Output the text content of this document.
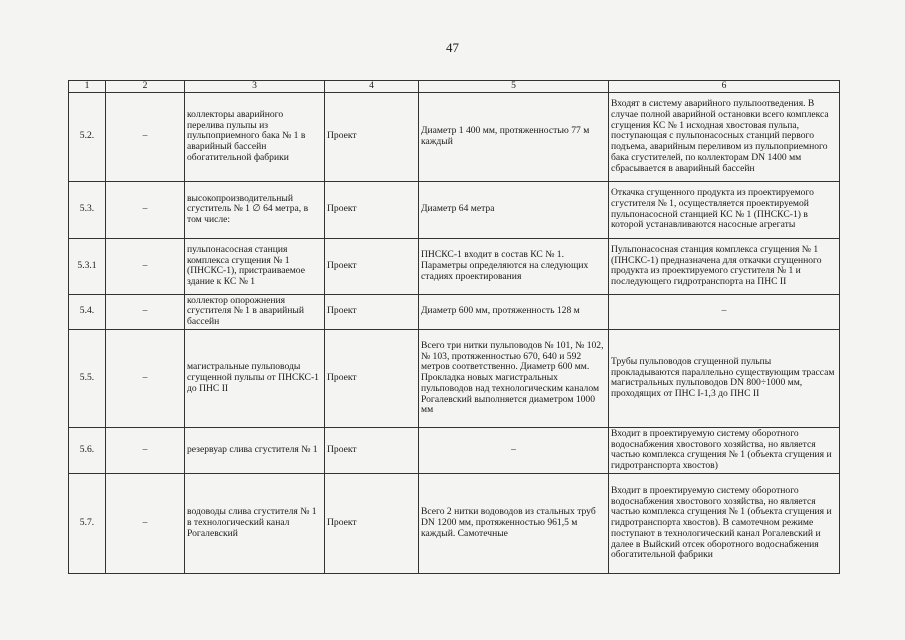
47
1	2	3	4	5	6
5.2.	–	коллекторы аварийного перелива пульпы из пульпоприемного бака № 1 в аварийный бассейн обогатительной фабрики	Проект	Диаметр 1 400 мм, протяженностью 77 м каждый	Входят в систему аварийного пульпоотведения. В случае полной аварийной остановки всего комплекса сгущения КС № 1 исходная хвостовая пульпа, поступающая с пульпонасосных станций первого подъема, аварийным переливом из пульпоприемного бака сгустителей, по коллекторам DN 1400 мм сбрасывается в аварийный бассейн
5.3.	–	высокопроизводительный сгуститель № 1 ∅ 64 метра, в том числе:	Проект	Диаметр 64 метра	Откачка сгущенного продукта из проектируемого сгустителя № 1, осуществляется проектируемой пульпонасосной станцией КС № 1 (ПНСКС-1) в которой устанавливаются насосные агрегаты
5.3.1	–	пульпонасосная станция комплекса сгущения № 1 (ПНСКС-1), пристраиваемое здание к КС № 1	Проект	ПНСКС-1 входит в состав КС № 1. Параметры определяются на следующих стадиях проектирования	Пульпонасосная станция комплекса сгущения № 1 (ПНСКС-1) предназначена для откачки сгущенного продукта из проектируемого сгустителя № 1 и последующего гидротранспорта на ПНС II
5.4.	–	коллектор опорожнения сгустителя № 1 в аварийный бассейн	Проект	Диаметр 600 мм, протяженность 128 м	–
5.5.	–	магистральные пульповоды сгущенной пульпы от ПНСКС-1 до ПНС II	Проект	Всего три нитки пульповодов № 101, № 102, № 103, протяженностью 670, 640 и 592 метров соответственно. Диаметр 600 мм. Прокладка новых магистральных пульповодов над технологическим каналом Рогалевский выполняется диаметром 1000 мм	Трубы пульповодов сгущенной пульпы прокладываются параллельно существующим трассам магистральных пульповодов DN 800÷1000 мм, проходящих от ПНС I-1,3 до ПНС II
5.6.	–	резервуар слива сгустителя № 1	Проект	–	Входит в проектируемую систему оборотного водоснабжения хвостового хозяйства, но является частью комплекса сгущения № 1 (объекта сгущения и гидротранспорта хвостов)
5.7.	–	водоводы слива сгустителя № 1 в технологический канал Рогалевский	Проект	Всего 2 нитки водоводов из стальных труб DN 1200 мм, протяженностью 961,5 м каждый. Самотечные	Входит в проектируемую систему оборотного водоснабжения хвостового хозяйства, но является частью комплекса сгущения № 1 (объекта сгущения и гидротранспорта хвостов). В самотечном режиме поступают в технологический канал Рогалевский и далее в Выйский отсек оборотного водоснабжения обогатительной фабрики
